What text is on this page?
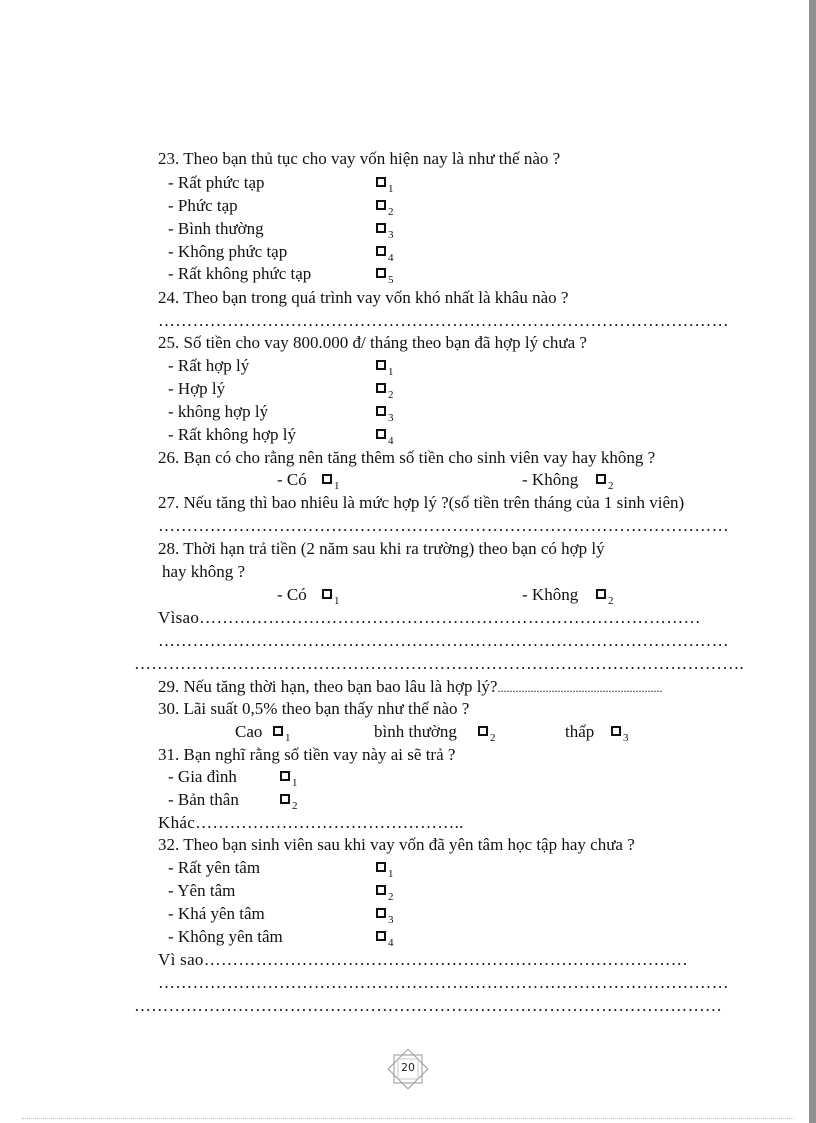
23. Theo bạn thủ tục cho vay vốn hiện nay là như thế nào ?
- Rất phức tạp	1
- Phức tạp	2
- Bình thường	3
- Không phức tạp	4
- Rất không phức tạp	5
24. Theo bạn trong quá trình vay vốn khó nhất là khâu nào ?
………………………………………………………………………………………
25. Số tiền cho vay 800.000 đ/ tháng theo bạn đã hợp lý chưa ?
- Rất hợp lý	1
- Hợp lý	2
- không hợp lý	3
- Rất không hợp lý	4
26. Bạn có cho rằng nên tăng thêm số tiền cho sinh viên vay hay không ?
- Có 1	- Không	2
27. Nếu tăng thì bao nhiêu là mức hợp lý ?(số tiền trên tháng của 1 sinh viên)
………………………………………………………………………………………
28. Thời hạn trả tiền (2 năm sau khi ra trường) theo bạn có hợp lý
hay không ?
- Có 1	- Không	2
Vìsao……………………………………………………………………………
………………………………………………………………………………………
…………………………………………………………………………………………….
29. Nếu tăng thời hạn, theo bạn bao lâu là hợp lý?.......................................................
30. Lãi suất 0,5% theo bạn thấy như thế nào ?
Cao 1	bình thường	2	thấp	3
31. Bạn nghĩ rằng số tiền vay này ai sẽ trả ?
- Gia đình	1
- Bản thân	2
Khác………………………………………..
32. Theo bạn sinh viên sau khi vay vốn đã yên tâm học tập hay chưa ?
- Rất yên tâm	1
- Yên tâm	2
- Khá yên tâm	3
- Không yên tâm	4
Vì sao…………………………………………………………………………
………………………………………………………………………………………
…………………………………………………………………………………………
20
